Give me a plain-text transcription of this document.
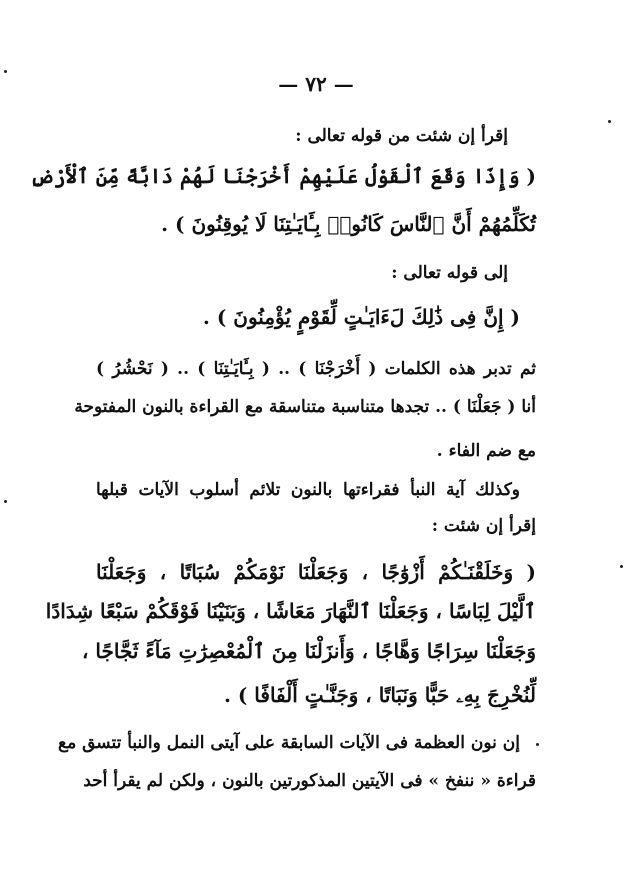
— ٧٢ —
إقرأ إن شئت من قوله تعالى :
( وَإِذَا وَقَعَ ٱلْقَوْلُ عَلَيْهِمْ أَخْرَجْنَا لَهُمْ دَابَّةً مِّنَ ٱلْأَرْضِ
تُكَلِّمُهُمْ أَنَّ ٱلنَّاسَ كَانُوا۟ بِـَٔايَـٰتِنَا لَا يُوقِنُونَ ) .
إلى قوله تعالى :
( إِنَّ فِى ذَٰلِكَ لَءَايَـٰتٍ لِّقَوْمٍ يُؤْمِنُونَ ) .
ثم تدبر هذه الكلمات ( أَخْرَجْنَا ) .. ( بِـَٔايَـٰتِنَا ) .. ( نَحْشُرُ )
أنا ( جَعَلْنَا ) .. تجدها متناسبة متناسقة مع القراءة بالنون المفتوحة
مع ضم الفاء .
وكذلك آية النبأ فقراءتها بالنون تلائم أسلوب الآيات قبلها
إقرأ إن شئت :
( وَخَلَقْنَـٰكُمْ أَزْوَٰجًا ، وَجَعَلْنَا نَوْمَكُمْ سُبَاتًا ، وَجَعَلْنَا
ٱلَّيْلَ لِبَاسًا ، وَجَعَلْنَا ٱلنَّهَارَ مَعَاشًا ، وَبَنَيْنَا فَوْقَكُمْ سَبْعًا شِدَادًا
وَجَعَلْنَا سِرَاجًا وَهَّاجًا ، وَأَنزَلْنَا مِنَ ٱلْمُعْصِرَٰتِ مَآءً ثَجَّاجًا ،
لِّنُخْرِجَ بِهِۦ حَبًّا وَنَبَاتًا ، وَجَنَّـٰتٍ أَلْفَافًا ) .
إن نون العظمة فى الآيات السابقة على آيتى النمل والنبأ تتسق مع
قراءة « ننفخ » فى الآيتين المذكورتين بالنون ، ولكن لم يقرأ أحد
